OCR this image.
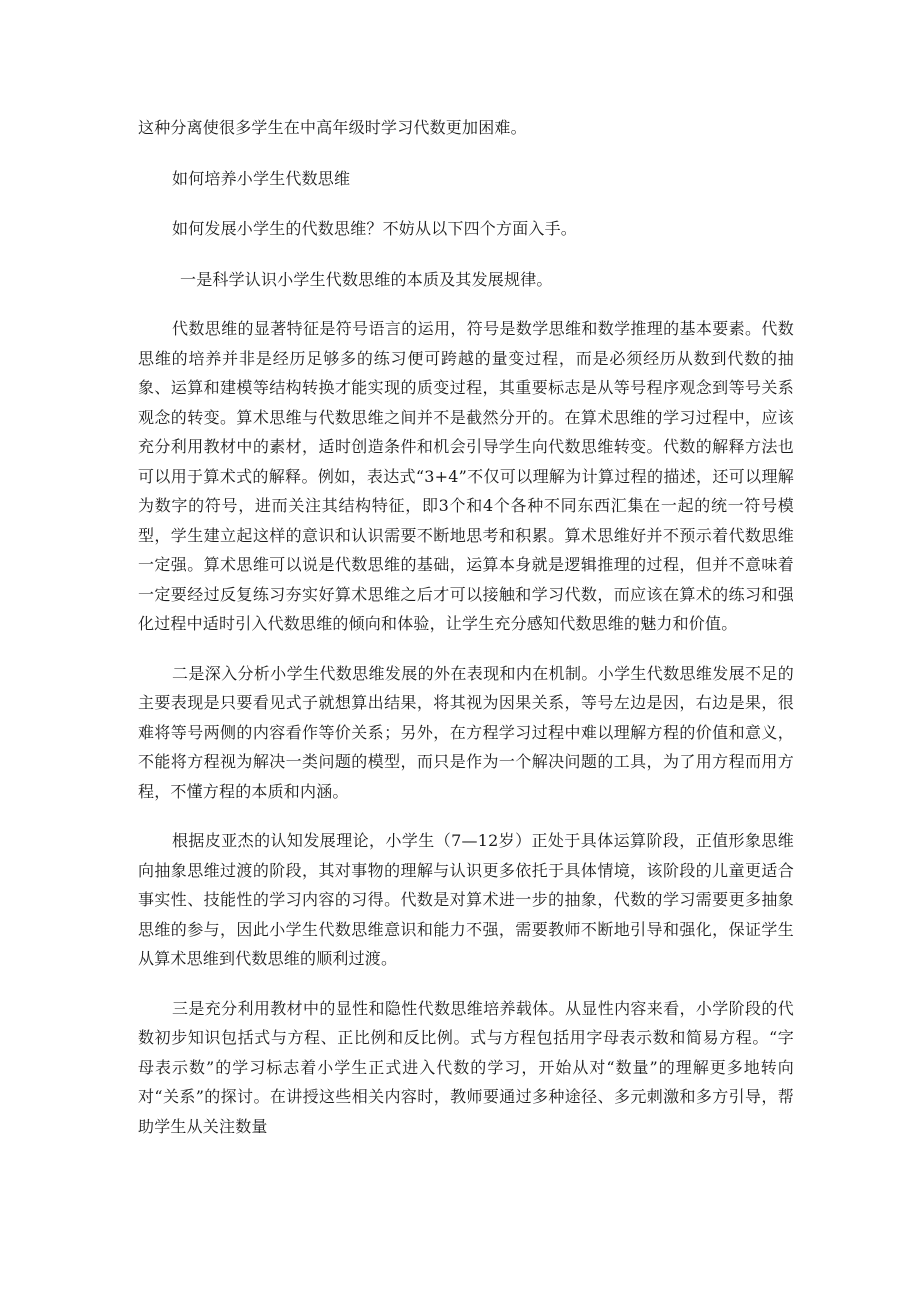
这种分离使很多学生在中高年级时学习代数更加困难。

如何培养小学生代数思维

如何发展小学生的代数思维？不妨从以下四个方面入手。

一是科学认识小学生代数思维的本质及其发展规律。

代数思维的显著特征是符号语言的运用，符号是数学思维和数学推理的基本要素。代数思维的培养并非是经历足够多的练习便可跨越的量变过程，而是必须经历从数到代数的抽象、运算和建模等结构转换才能实现的质变过程，其重要标志是从等号程序观念到等号关系观念的转变。算术思维与代数思维之间并不是截然分开的。在算术思维的学习过程中，应该充分利用教材中的素材，适时创造条件和机会引导学生向代数思维转变。代数的解释方法也可以用于算术式的解释。例如，表达式“3+4”不仅可以理解为计算过程的描述，还可以理解为数字的符号，进而关注其结构特征，即3个和4个各种不同东西汇集在一起的统一符号模型，学生建立起这样的意识和认识需要不断地思考和积累。算术思维好并不预示着代数思维一定强。算术思维可以说是代数思维的基础，运算本身就是逻辑推理的过程，但并不意味着一定要经过反复练习夯实好算术思维之后才可以接触和学习代数，而应该在算术的练习和强化过程中适时引入代数思维的倾向和体验，让学生充分感知代数思维的魅力和价值。

二是深入分析小学生代数思维发展的外在表现和内在机制。小学生代数思维发展不足的主要表现是只要看见式子就想算出结果，将其视为因果关系，等号左边是因，右边是果，很难将等号两侧的内容看作等价关系；另外，在方程学习过程中难以理解方程的价值和意义，不能将方程视为解决一类问题的模型，而只是作为一个解决问题的工具，为了用方程而用方程，不懂方程的本质和内涵。

根据皮亚杰的认知发展理论，小学生（7—12岁）正处于具体运算阶段，正值形象思维向抽象思维过渡的阶段，其对事物的理解与认识更多依托于具体情境，该阶段的儿童更适合事实性、技能性的学习内容的习得。代数是对算术进一步的抽象，代数的学习需要更多抽象思维的参与，因此小学生代数思维意识和能力不强，需要教师不断地引导和强化，保证学生从算术思维到代数思维的顺利过渡。

三是充分利用教材中的显性和隐性代数思维培养载体。从显性内容来看，小学阶段的代数初步知识包括式与方程、正比例和反比例。式与方程包括用字母表示数和简易方程。“字母表示数”的学习标志着小学生正式进入代数的学习，开始从对“数量”的理解更多地转向对“关系”的探讨。在讲授这些相关内容时，教师要通过多种途径、多元刺激和多方引导，帮助学生从关注数量
